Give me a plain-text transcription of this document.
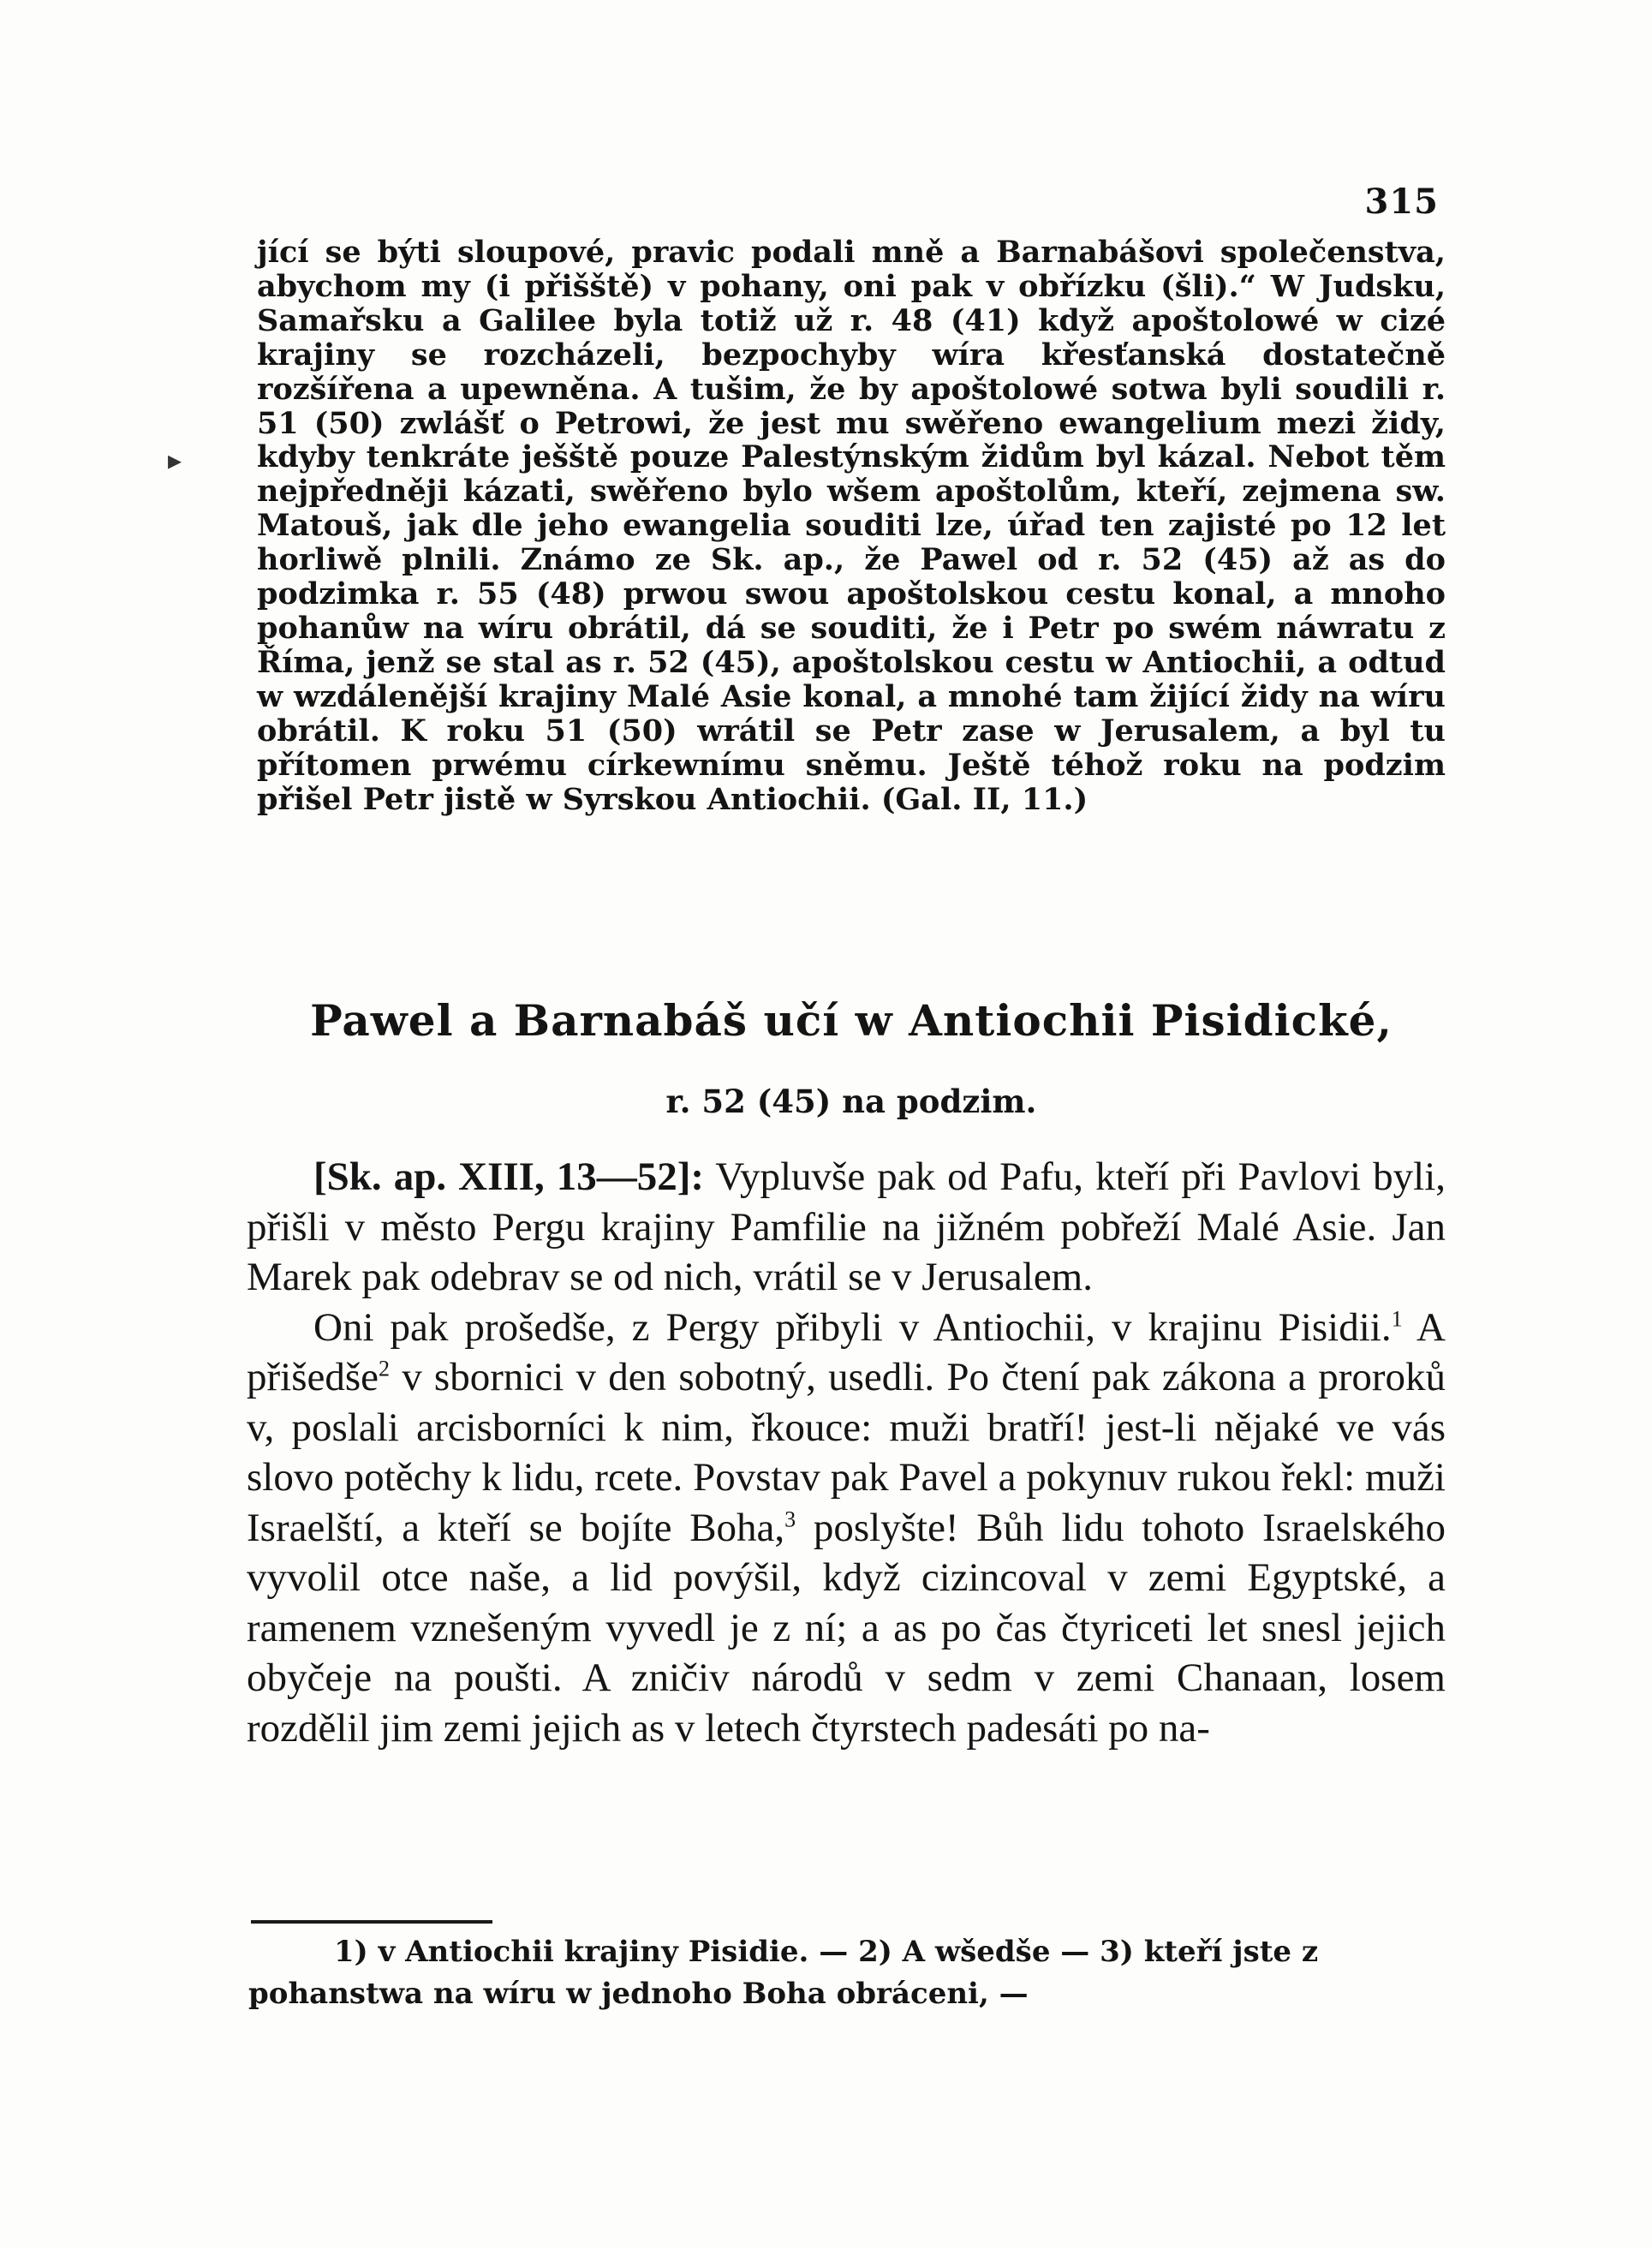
315
▸

jící se býti sloupové, pravic podali mně a Barnabášovi společenstva, abychom my (i přišště) v pohany, oni pak v obřízku (šli).“ W Judsku, Samařsku a Galilee byla totiž už r. 48 (41) když apoštolowé w cizé krajiny se rozcházeli, bezpochyby wíra křesťanská dostatečně rozšířena a upewněna. A tušim, že by apoštolowé sotwa byli soudili r. 51 (50) zwlášť o Petrowi, že jest mu swěřeno ewangelium mezi židy, kdyby tenkráte ješště pouze Palestýnským židům byl kázal. Nebot těm nejpředněji kázati, swěřeno bylo wšem apoštolům, kteří, zejmena sw. Matouš, jak dle jeho ewangelia souditi lze, úřad ten zajisté po 12 let horliwě plnili. Známo ze Sk. ap., že Pawel od r. 52 (45) až as do podzimka r. 55 (48) prwou swou apoštolskou cestu konal, a mnoho pohanůw na wíru obrátil, dá se souditi, že i Petr po swém náwratu z Říma, jenž se stal as r. 52 (45), apoštolskou cestu w Antiochii, a odtud w wzdálenější krajiny Malé Asie konal, a mnohé tam žijící židy na wíru obrátil. K roku 51 (50) wrátil se Petr zase w Jerusalem, a byl tu přítomen prwému církewnímu sněmu. Ještě téhož roku na podzim přišel Petr jistě w Syrskou Antiochii. (Gal. II, 11.)

Pawel a Barnabáš učí w Antiochii Pisidické,
r. 52 (45) na podzim.

[Sk. ap. XIII, 13—52]: Vypluvše pak od Pafu, kteří při Pavlovi byli, přišli v město Pergu krajiny Pamfilie na jižném pobřeží Malé Asie. Jan Marek pak odebrav se od nich, vrátil se v Jerusalem.

Oni pak prošedše, z Pergy přibyli v Antiochii, v krajinu Pisidii.$^1$ A přišedše$^2$ v sbornici v den sobotný, usedli. Po čtení pak zákona a proroků v, poslali arcisborníci k nim, řkouce: muži bratří! jest-li nějaké ve vás slovo potěchy k lidu, rcete. Povstav pak Pavel a pokynuv rukou řekl: muži Israelští, a kteří se bojíte Boha,$^3$ poslyšte! Bůh lidu tohoto Israelského vyvolil otce naše, a lid povýšil, když cizincoval v zemi Egyptské, a ramenem vznešeným vyvedl je z ní; a as po čas čtyriceti let snesl jejich obyčeje na poušti. A zničiv národů v sedm v zemi Chanaan, losem rozdělil jim zemi jejich as v letech čtyrstech padesáti po na-

1) v Antiochii krajiny Pisidie. — 2) A wšedše — 3) kteří jste z pohanstwa na wíru w jednoho Boha obráceni, —
